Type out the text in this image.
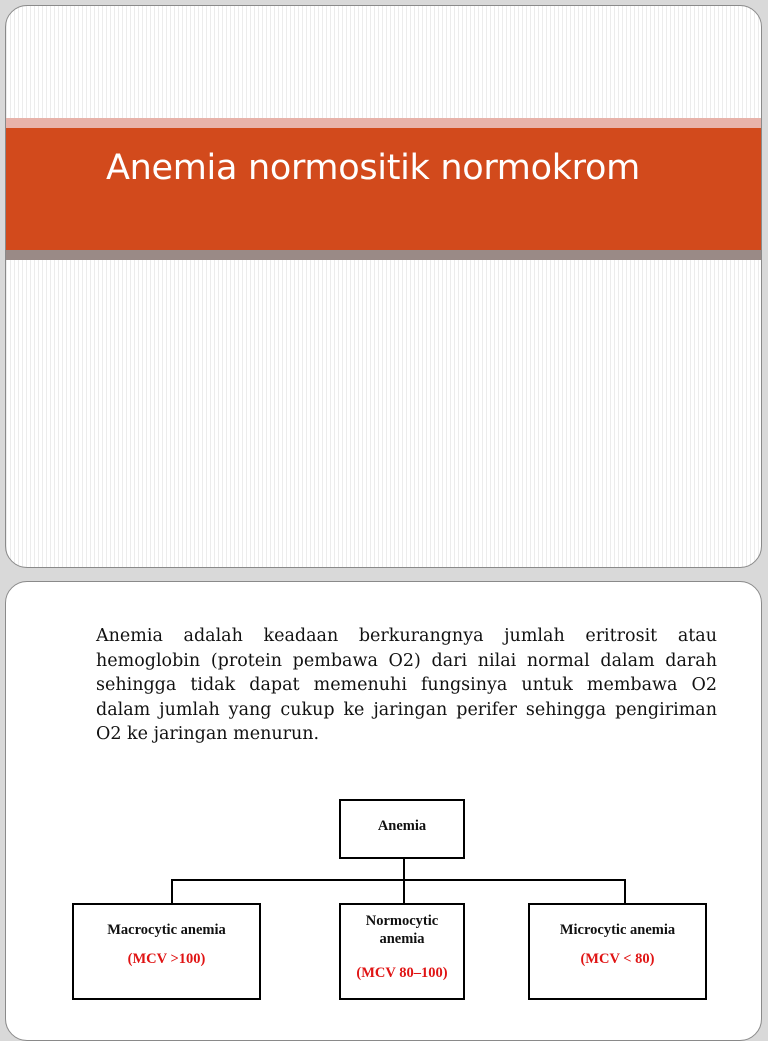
Anemia normositik normokrom
Anemia adalah keadaan berkurangnya jumlah eritrosit atau hemoglobin (protein pembawa O2) dari nilai normal dalam darah sehingga tidak dapat memenuhi fungsinya untuk membawa O2 dalam jumlah yang cukup ke jaringan perifer sehingga pengiriman O2 ke jaringan menurun.
Anemia
Macrocytic anemia
(MCV >100)
Normocytic anemia
(MCV 80–100)
Microcytic anemia
(MCV < 80)
